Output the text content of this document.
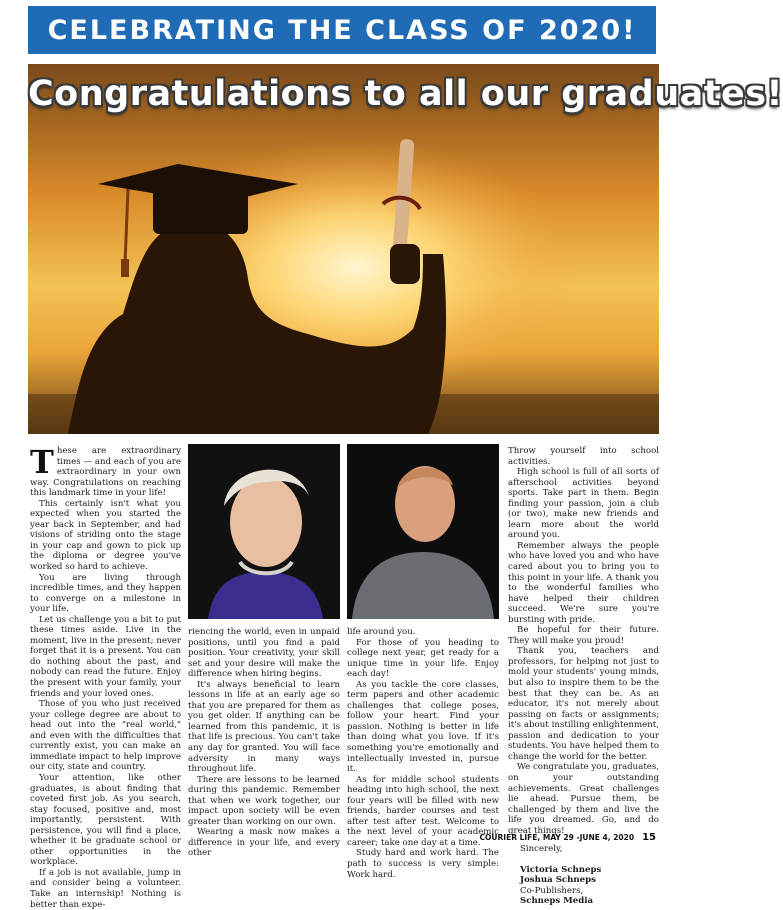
CELEBRATING THE CLASS OF 2020!
Congratulations to all our graduates!

These are extraordinary times — and each of you are extraordinary in your own way. Congratulations on reaching this landmark time in your life!

This certainly isn't what you expected when you started the year back in September, and had visions of striding onto the stage in your cap and gown to pick up the diploma or degree you've worked so hard to achieve.

You are living through incredible times, and they happen to converge on a milestone in your life.

Let us challenge you a bit to put these times aside. Live in the moment, live in the present; never forget that it is a present. You can do nothing about the past, and nobody can read the future. Enjoy the present with your family, your friends and your loved ones.

Those of you who just received your college degree are about to head out into the "real world," and even with the difficulties that currently exist, you can make an immediate impact to help improve our city, state and country.

Your attention, like other graduates, is about finding that coveted first job. As you search, stay focused, positive and, most importantly, persistent. With persistence, you will find a place, whether it be graduate school or other opportunities in the workplace.

If a job is not available, jump in and consider being a volunteer. Take an internship! Nothing is better than expe-

riencing the world, even in unpaid positions, until you find a paid position. Your creativity, your skill set and your desire will make the difference when hiring begins.

It's always beneficial to learn lessons in life at an early age so that you are prepared for them as you get older. If anything can be learned from this pandemic, it is that life is precious. You can't take any day for granted. You will face adversity in many ways throughout life.

There are lessons to be learned during this pandemic. Remember that when we work together, our impact upon society will be even greater than working on our own.

Wearing a mask now makes a difference in your life, and every other

life around you.

For those of you heading to college next year, get ready for a unique time in your life. Enjoy each day!

As you tackle the core classes, term papers and other academic challenges that college poses, follow your heart. Find your passion. Nothing is better in life than doing what you love. If it's something you're emotionally and intellectually invested in, pursue it.

As for middle school students heading into high school, the next four years will be filled with new friends, harder courses and test after test after test. Welcome to the next level of your academic career; take one day at a time.

Study hard and work hard. The path to success is very simple: Work hard.

Throw yourself into school activities.

High school is full of all sorts of afterschool activities beyond sports. Take part in them. Begin finding your passion, join a club (or two), make new friends and learn more about the world around you.

Remember always the people who have loved you and who have cared about you to bring you to this point in your life. A thank you to the wonderful families who have helped their children succeed. We're sure you're bursting with pride.

Be hopeful for their future. They will make you proud!

Thank you, teachers and professors, for helping not just to mold your students' young minds, but also to inspire them to be the best that they can be. As an educator, it's not merely about passing on facts or assignments; it's about instilling enlightenment, passion and dedication to your students. You have helped them to change the world for the better.

We congratulate you, graduates, on your outstanding achievements. Great challenges lie ahead. Pursue them, be challenged by them and live the life you dreamed. Go, and do great things!

Sincerely,

Victoria Schneps

Joshua Schneps

Co-Publishers,

Schneps Media

COURIER LIFE, MAY 29 -JUNE 4, 2020 15
